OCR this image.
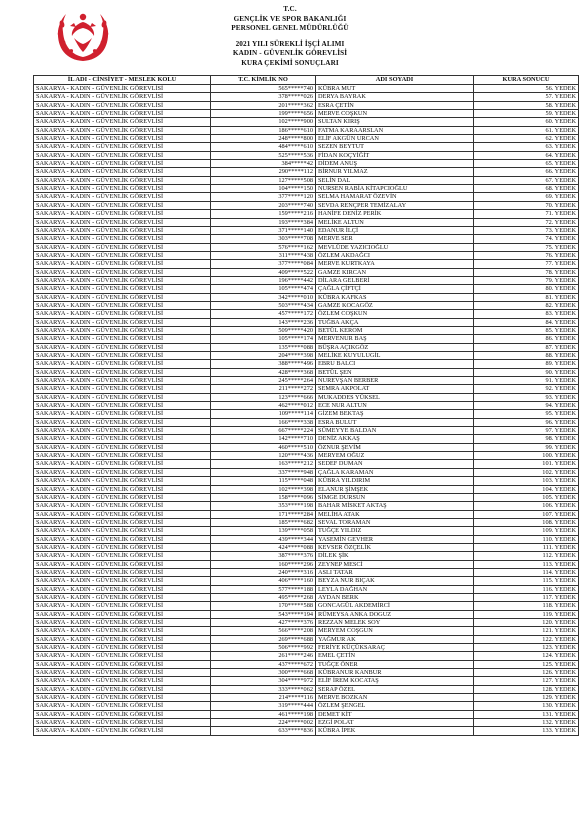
T.C.
GENÇLİK VE SPOR BAKANLIĞI
PERSONEL GENEL MÜDÜRLÜĞÜ
2021 YILI SÜREKLİ İŞÇİ ALIMI
KADIN - GÜVENLİK GÖREVLİSİ
KURA ÇEKİMİ SONUÇLARI
İL ADI - CİNSİYET - MESLEK KOLU	T.C. KİMLİK NO	ADI SOYADI	KURA SONUCU
SAKARYA - KADIN - GÜVENLİK GÖREVLİSİ	565*****740	KÜBRA MUT	56. YEDEK
SAKARYA - KADIN - GÜVENLİK GÖREVLİSİ	378*****026	DERYA BAYRAK	57. YEDEK
SAKARYA - KADIN - GÜVENLİK GÖREVLİSİ	201*****362	ESRA ÇETİN	58. YEDEK
SAKARYA - KADIN - GÜVENLİK GÖREVLİSİ	199*****656	MERVE COŞKUN	59. YEDEK
SAKARYA - KADIN - GÜVENLİK GÖREVLİSİ	102*****900	SULTAN KIRIŞ	60. YEDEK
SAKARYA - KADIN - GÜVENLİK GÖREVLİSİ	186*****610	FATMA KARAARSLAN	61. YEDEK
SAKARYA - KADIN - GÜVENLİK GÖREVLİSİ	248*****800	ELİF AKGÜN URCAN	62. YEDEK
SAKARYA - KADIN - GÜVENLİK GÖREVLİSİ	484*****610	SEZEN BEYTUT	63. YEDEK
SAKARYA - KADIN - GÜVENLİK GÖREVLİSİ	525*****536	FİDAN KOÇYİĞİT	64. YEDEK
SAKARYA - KADIN - GÜVENLİK GÖREVLİSİ	384*****42	DİDEM ANUŞ	65. YEDEK
SAKARYA - KADIN - GÜVENLİK GÖREVLİSİ	290*****112	BİRNUR YILMAZ	66. YEDEK
SAKARYA - KADIN - GÜVENLİK GÖREVLİSİ	127*****508	SELİN DAL	67. YEDEK
SAKARYA - KADIN - GÜVENLİK GÖREVLİSİ	104*****150	NURSEN RABİA KİTAPCIOĞLU	68. YEDEK
SAKARYA - KADIN - GÜVENLİK GÖREVLİSİ	377*****120	SELMA HAMARAT ÖZEVİN	69. YEDEK
SAKARYA - KADIN - GÜVENLİK GÖREVLİSİ	203*****740	SEVDA RENÇPER TEMİZALAY	70. YEDEK
SAKARYA - KADIN - GÜVENLİK GÖREVLİSİ	159*****216	HANİFE DENİZ PERİK	71. YEDEK
SAKARYA - KADIN - GÜVENLİK GÖREVLİSİ	193*****384	MELİKE ALTUN	72. YEDEK
SAKARYA - KADIN - GÜVENLİK GÖREVLİSİ	371*****140	EDANUR İLÇİ	73. YEDEK
SAKARYA - KADIN - GÜVENLİK GÖREVLİSİ	303*****708	MERVE SER	74. YEDEK
SAKARYA - KADIN - GÜVENLİK GÖREVLİSİ	576*****162	MEVLÜDE YAZICIOĞLU	75. YEDEK
SAKARYA - KADIN - GÜVENLİK GÖREVLİSİ	311*****438	ÖZLEM AKDAĞCI	76. YEDEK
SAKARYA - KADIN - GÜVENLİK GÖREVLİSİ	377*****084	MERVE KURTKAYA	77. YEDEK
SAKARYA - KADIN - GÜVENLİK GÖREVLİSİ	409*****522	GAMZE KIRCAN	78. YEDEK
SAKARYA - KADIN - GÜVENLİK GÖREVLİSİ	196*****442	DİLARA GELBERİ	79. YEDEK
SAKARYA - KADIN - GÜVENLİK GÖREVLİSİ	105*****474	ÇAĞLA ÇİFTÇİ	80. YEDEK
SAKARYA - KADIN - GÜVENLİK GÖREVLİSİ	342*****010	KÜBRA KAFKAS	81. YEDEK
SAKARYA - KADIN - GÜVENLİK GÖREVLİSİ	503*****434	GAMZE KOCAGÖZ	82. YEDEK
SAKARYA - KADIN - GÜVENLİK GÖREVLİSİ	457*****172	ÖZLEM COŞKUN	83. YEDEK
SAKARYA - KADIN - GÜVENLİK GÖREVLİSİ	143*****236	TUĞBA AKÇA	84. YEDEK
SAKARYA - KADIN - GÜVENLİK GÖREVLİSİ	509*****420	BETÜL KEROM	85. YEDEK
SAKARYA - KADIN - GÜVENLİK GÖREVLİSİ	105*****174	MERVENUR BAŞ	86. YEDEK
SAKARYA - KADIN - GÜVENLİK GÖREVLİSİ	135*****088	BÜŞRA AÇIKGÖZ	87. YEDEK
SAKARYA - KADIN - GÜVENLİK GÖREVLİSİ	204*****398	MELİKE KUYULUGİL	88. YEDEK
SAKARYA - KADIN - GÜVENLİK GÖREVLİSİ	388*****496	EBRU BALCI	89. YEDEK
SAKARYA - KADIN - GÜVENLİK GÖREVLİSİ	428*****368	BETÜL ŞEN	90. YEDEK
SAKARYA - KADIN - GÜVENLİK GÖREVLİSİ	245*****264	NUREVŞAN BERBER	91. YEDEK
SAKARYA - KADIN - GÜVENLİK GÖREVLİSİ	211*****272	SEMRA AKPOLAT	92. YEDEK
SAKARYA - KADIN - GÜVENLİK GÖREVLİSİ	123*****666	MUKADDES YÜKSEL	93. YEDEK
SAKARYA - KADIN - GÜVENLİK GÖREVLİSİ	462*****012	ECE NUR ALTUN	94. YEDEK
SAKARYA - KADIN - GÜVENLİK GÖREVLİSİ	109*****114	GİZEM BEKTAŞ	95. YEDEK
SAKARYA - KADIN - GÜVENLİK GÖREVLİSİ	166*****338	ESRA BULUT	96. YEDEK
SAKARYA - KADIN - GÜVENLİK GÖREVLİSİ	667*****224	SÜMEYYE BALDAN	97. YEDEK
SAKARYA - KADIN - GÜVENLİK GÖREVLİSİ	142*****710	DENİZ AKKAŞ	98. YEDEK
SAKARYA - KADIN - GÜVENLİK GÖREVLİSİ	460*****510	ÖZNUR ŞEVİM	99. YEDEK
SAKARYA - KADIN - GÜVENLİK GÖREVLİSİ	120*****436	MERYEM OĞUZ	100. YEDEK
SAKARYA - KADIN - GÜVENLİK GÖREVLİSİ	163*****212	SEDEF DUMAN	101. YEDEK
SAKARYA - KADIN - GÜVENLİK GÖREVLİSİ	337*****948	ÇAĞLA KARAMAN	102. YEDEK
SAKARYA - KADIN - GÜVENLİK GÖREVLİSİ	115*****048	KÜBRA YILDIRIM	103. YEDEK
SAKARYA - KADIN - GÜVENLİK GÖREVLİSİ	102*****398	ELANUR ŞİMŞEK	104. YEDEK
SAKARYA - KADIN - GÜVENLİK GÖREVLİSİ	158*****096	SİMGE DURSUN	105. YEDEK
SAKARYA - KADIN - GÜVENLİK GÖREVLİSİ	353*****198	BAHAR MİSKET AKTAŞ	106. YEDEK
SAKARYA - KADIN - GÜVENLİK GÖREVLİSİ	171*****284	MELİHA ATAK	107. YEDEK
SAKARYA - KADIN - GÜVENLİK GÖREVLİSİ	185*****682	SEVAL TORAMAN	108. YEDEK
SAKARYA - KADIN - GÜVENLİK GÖREVLİSİ	139*****058	TUĞÇE YILDIZ	109. YEDEK
SAKARYA - KADIN - GÜVENLİK GÖREVLİSİ	439*****344	YASEMİN GEVHER	110. YEDEK
SAKARYA - KADIN - GÜVENLİK GÖREVLİSİ	424*****088	KEVSER ÖZÇELİK	111. YEDEK
SAKARYA - KADIN - GÜVENLİK GÖREVLİSİ	387*****376	DİLEK ŞİK	112. YEDEK
SAKARYA - KADIN - GÜVENLİK GÖREVLİSİ	160*****296	ZEYNEP MESCİ	113. YEDEK
SAKARYA - KADIN - GÜVENLİK GÖREVLİSİ	240*****316	ASLI TATAR	114. YEDEK
SAKARYA - KADIN - GÜVENLİK GÖREVLİSİ	406*****160	BEYZA NUR BIÇAK	115. YEDEK
SAKARYA - KADIN - GÜVENLİK GÖREVLİSİ	577*****188	LEYLA DAĞHAN	116. YEDEK
SAKARYA - KADIN - GÜVENLİK GÖREVLİSİ	495*****268	AYDAN BERK	117. YEDEK
SAKARYA - KADIN - GÜVENLİK GÖREVLİSİ	170*****588	GONCAGÜL AKDEMİRCİ	118. YEDEK
SAKARYA - KADIN - GÜVENLİK GÖREVLİSİ	543*****194	RÜMEYSA ANKA DOGUZ	119. YEDEK
SAKARYA - KADIN - GÜVENLİK GÖREVLİSİ	427*****376	REZZAN MELEK SOY	120. YEDEK
SAKARYA - KADIN - GÜVENLİK GÖREVLİSİ	566*****208	MERYEM COŞGUN	121. YEDEK
SAKARYA - KADIN - GÜVENLİK GÖREVLİSİ	269*****688	YAĞMUR AK	122. YEDEK
SAKARYA - KADIN - GÜVENLİK GÖREVLİSİ	506*****992	FERİYE KÜÇÜKSARAÇ	123. YEDEK
SAKARYA - KADIN - GÜVENLİK GÖREVLİSİ	261*****246	EMEL ÇETİN	124. YEDEK
SAKARYA - KADIN - GÜVENLİK GÖREVLİSİ	437*****672	TUĞÇE ÖNER	125. YEDEK
SAKARYA - KADIN - GÜVENLİK GÖREVLİSİ	300*****668	KÜBRANUR KANBUR	126. YEDEK
SAKARYA - KADIN - GÜVENLİK GÖREVLİSİ	304*****972	ELİF İREM KOCATAŞ	127. YEDEK
SAKARYA - KADIN - GÜVENLİK GÖREVLİSİ	333*****062	SERAP ÖZEL	128. YEDEK
SAKARYA - KADIN - GÜVENLİK GÖREVLİSİ	214*****116	MERVE BOZKAN	129. YEDEK
SAKARYA - KADIN - GÜVENLİK GÖREVLİSİ	319*****444	ÖZLEM ŞENGEL	130. YEDEK
SAKARYA - KADIN - GÜVENLİK GÖREVLİSİ	461*****198	DEMET KİT	131. YEDEK
SAKARYA - KADIN - GÜVENLİK GÖREVLİSİ	224*****002	EZGİ POLAT	132. YEDEK
SAKARYA - KADIN - GÜVENLİK GÖREVLİSİ	633*****836	KÜBRA İPEK	133. YEDEK
